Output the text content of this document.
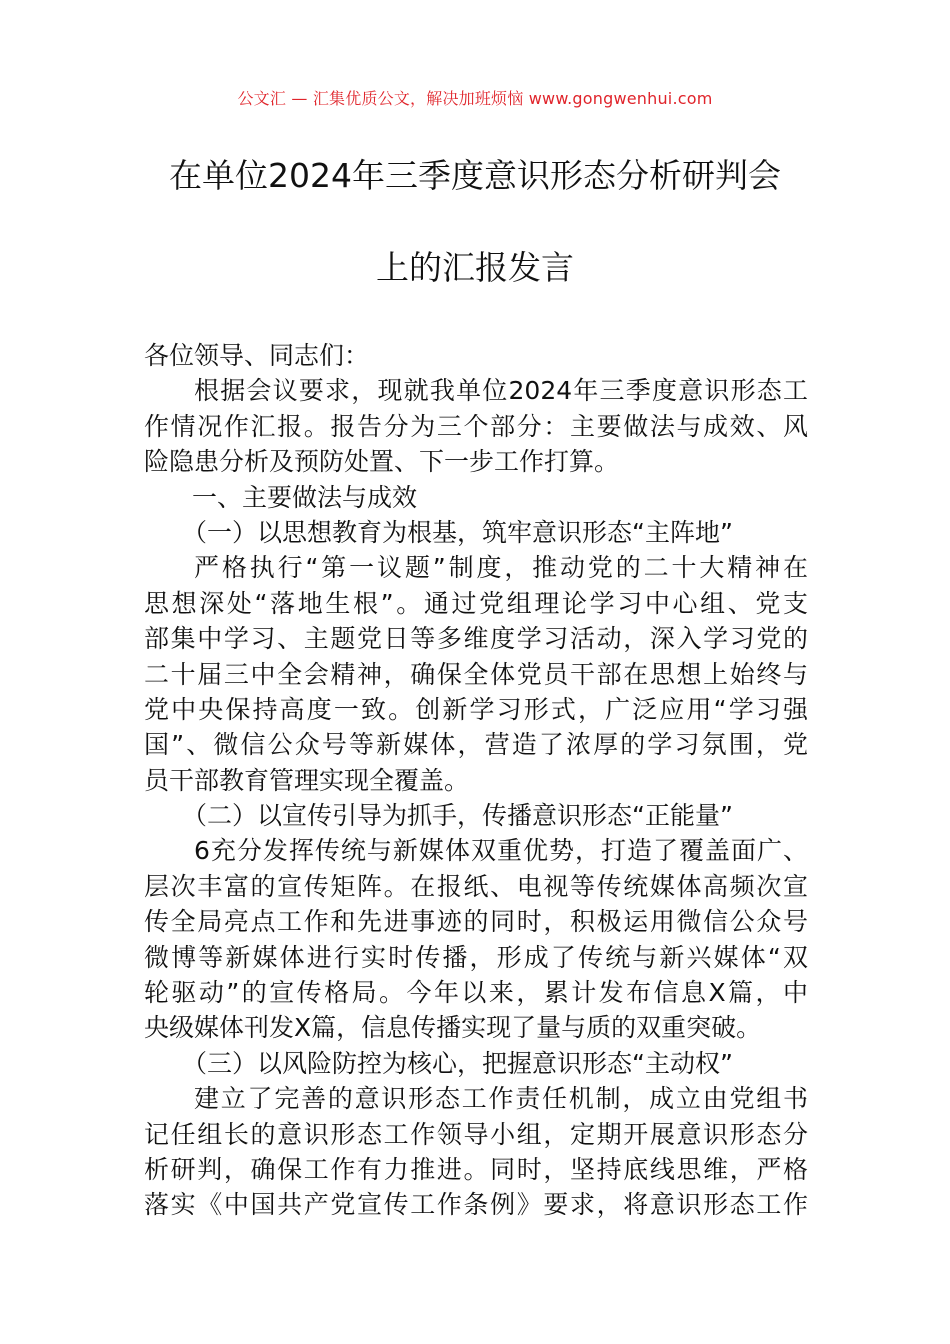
公文汇 — 汇集优质公文，解决加班烦恼 www.gongwenhui.com
在单位2024年三季度意识形态分析研判会
上的汇报发言
各位领导、同志们：
根据会议要求，现就我单位2024年三季度意识形态工
作情况作汇报。报告分为三个部分：主要做法与成效、风
险隐患分析及预防处置、下一步工作打算。
一、主要做法与成效
（一）以思想教育为根基，筑牢意识形态“主阵地”
严格执行“第一议题”制度，推动党的二十大精神在
思想深处“落地生根”。通过党组理论学习中心组、党支
部集中学习、主题党日等多维度学习活动，深入学习党的
二十届三中全会精神，确保全体党员干部在思想上始终与
党中央保持高度一致。创新学习形式，广泛应用“学习强
国”、微信公众号等新媒体，营造了浓厚的学习氛围，党
员干部教育管理实现全覆盖。
（二）以宣传引导为抓手，传播意识形态“正能量”
6充分发挥传统与新媒体双重优势，打造了覆盖面广、
层次丰富的宣传矩阵。在报纸、电视等传统媒体高频次宣
传全局亮点工作和先进事迹的同时，积极运用微信公众号
微博等新媒体进行实时传播，形成了传统与新兴媒体“双
轮驱动”的宣传格局。今年以来，累计发布信息X篇，中
央级媒体刊发X篇，信息传播实现了量与质的双重突破。
（三）以风险防控为核心，把握意识形态“主动权”
建立了完善的意识形态工作责任机制，成立由党组书
记任组长的意识形态工作领导小组，定期开展意识形态分
析研判，确保工作有力推进。同时，坚持底线思维，严格
落实《中国共产党宣传工作条例》要求，将意识形态工作
